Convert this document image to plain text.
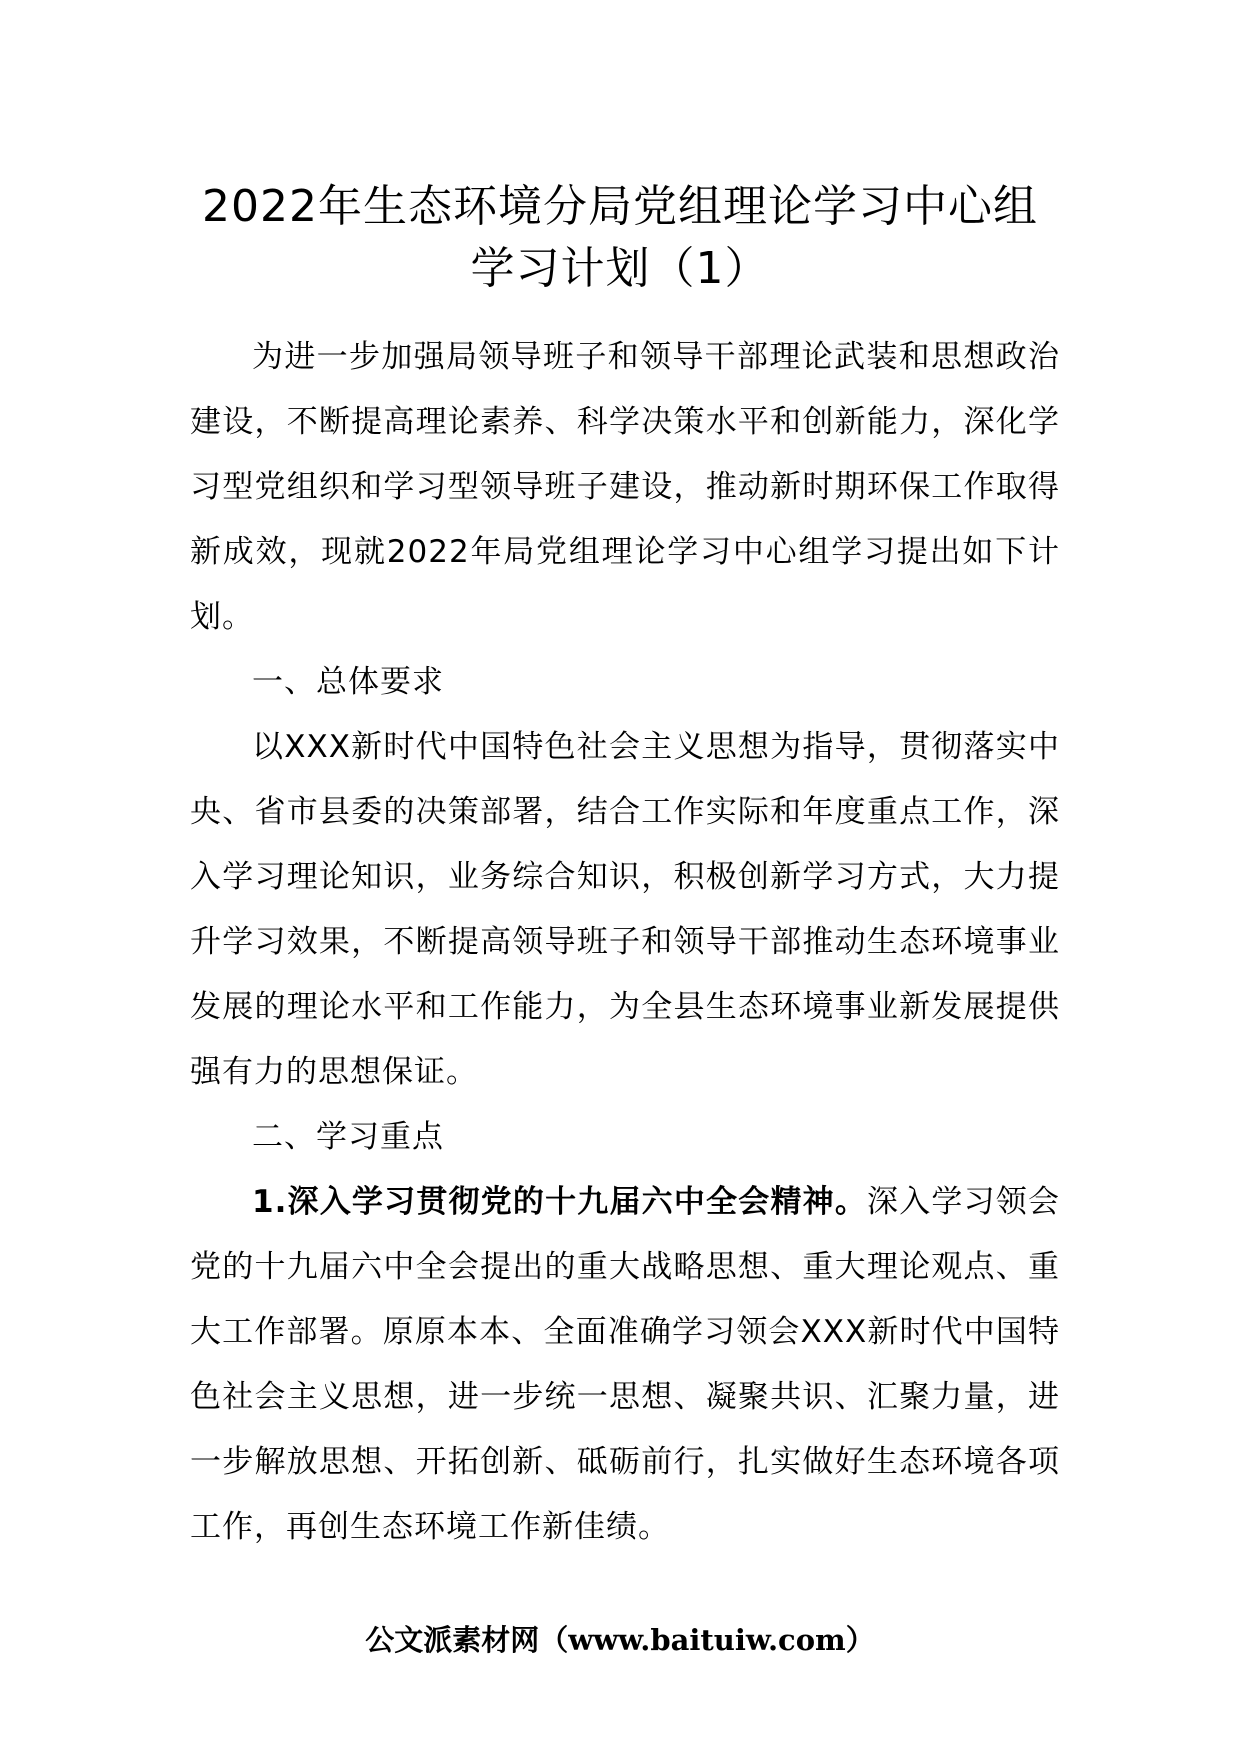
2022年生态环境分局党组理论学习中心组
学习计划（1）

为进一步加强局领导班子和领导干部理论武装和思想政治建设，不断提高理论素养、科学决策水平和创新能力，深化学习型党组织和学习型领导班子建设，推动新时期环保工作取得新成效，现就2022年局党组理论学习中心组学习提出如下计划。

一、总体要求

以XXX新时代中国特色社会主义思想为指导，贯彻落实中央、省市县委的决策部署，结合工作实际和年度重点工作，深入学习理论知识，业务综合知识，积极创新学习方式，大力提升学习效果，不断提高领导班子和领导干部推动生态环境事业发展的理论水平和工作能力，为全县生态环境事业新发展提供强有力的思想保证。

二、学习重点

1.深入学习贯彻党的十九届六中全会精神。深入学习领会党的十九届六中全会提出的重大战略思想、重大理论观点、重大工作部署。原原本本、全面准确学习领会XXX新时代中国特色社会主义思想，进一步统一思想、凝聚共识、汇聚力量，进一步解放思想、开拓创新、砥砺前行，扎实做好生态环境各项工作，再创生态环境工作新佳绩。

公文派素材网（www.baituiw.com）
